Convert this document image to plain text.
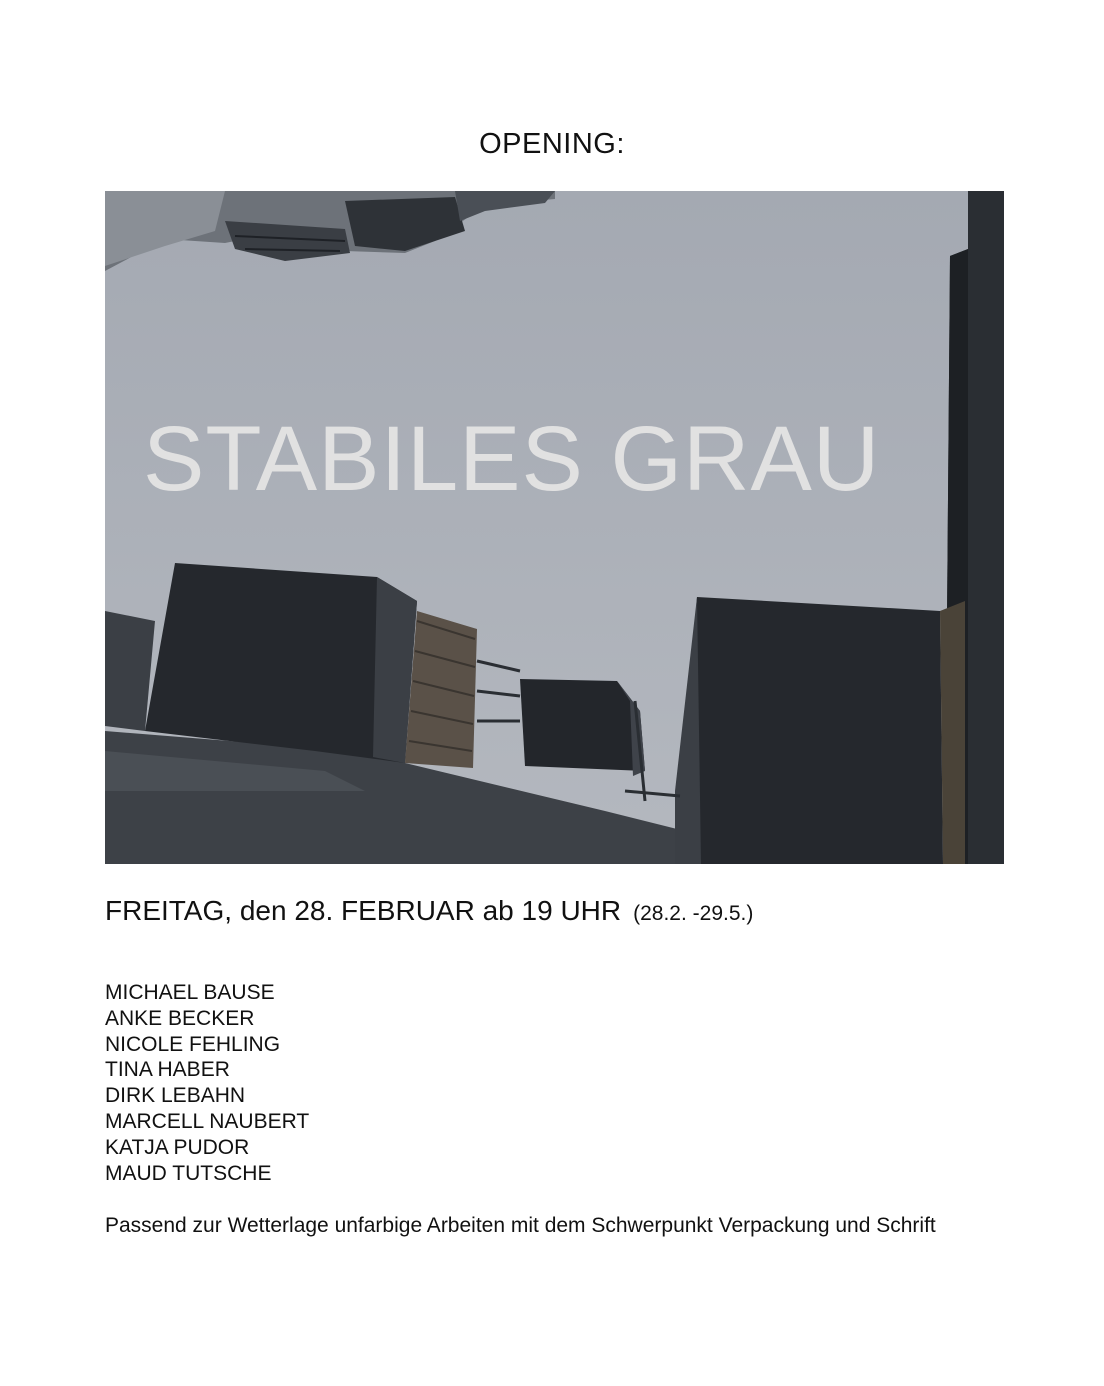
OPENING:
STABILES GRAU
FREITAG, den 28. FEBRUAR ab 19 UHR (28.2. -29.5.)
MICHAEL BAUSE
ANKE BECKER
NICOLE FEHLING
TINA HABER
DIRK LEBAHN
MARCELL NAUBERT
KATJA PUDOR
MAUD TUTSCHE
Passend zur Wetterlage unfarbige Arbeiten mit dem Schwerpunkt Verpackung und Schrift
